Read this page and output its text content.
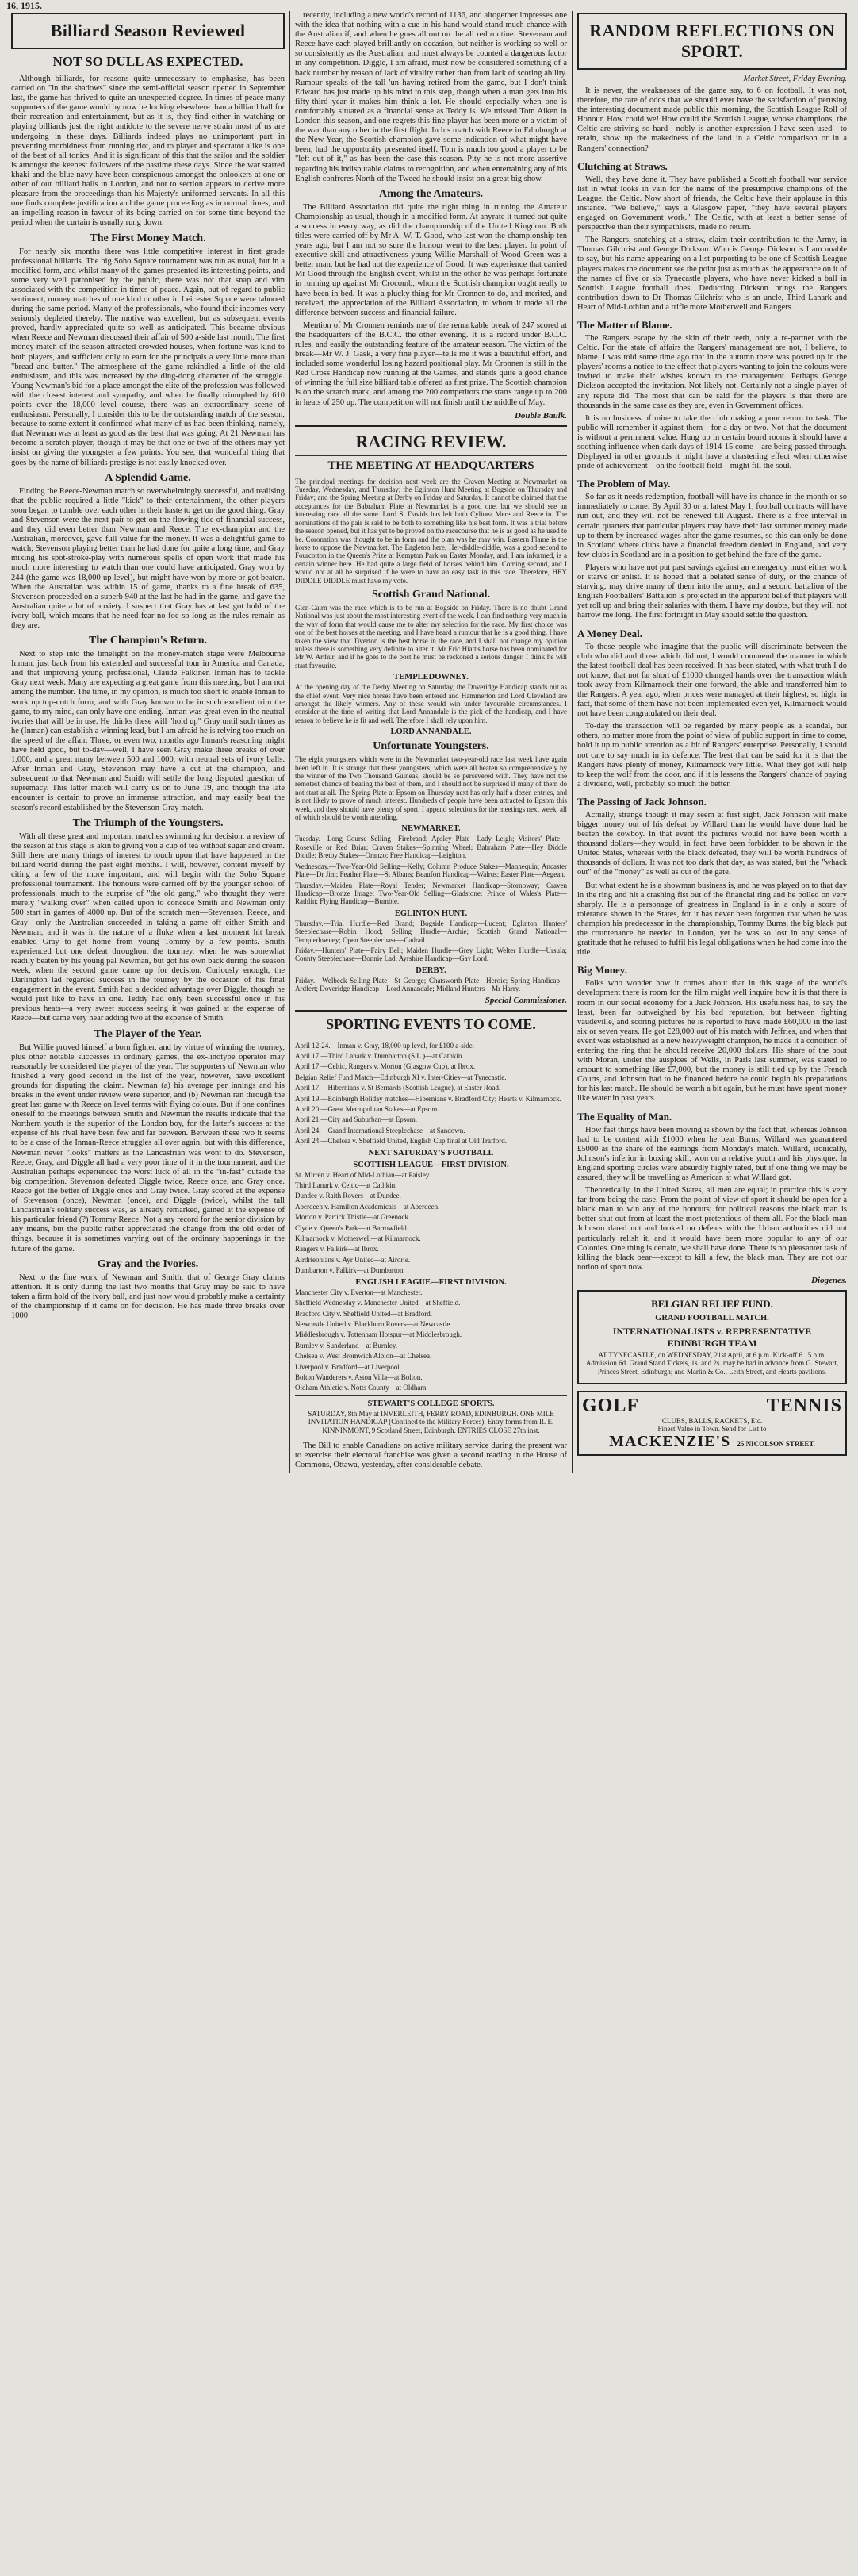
16, 1915.
Billiard Season Reviewed
NOT SO DULL AS EXPECTED.

Although billiards, for reasons quite unnecessary to emphasise, has been carried on "in the shadows" since the semi-official season opened in September last, the game has thrived to quite an unexpected degree. In times of peace many supporters of the game would by now be looking elsewhere than a billiard hall for their recreation and entertainment, but as it is, they find either in watching or playing billiards just the right antidote to the severe nerve strain most of us are undergoing in these days. Billiards indeed plays no unimportant part in preventing morbidness from running riot, and to player and spectator alike is one of the best of all tonics. And it is significant of this that the sailor and the soldier is amongst the keenest followers of the pastime these days. Since the war started khaki and the blue navy have been conspicuous amongst the onlookers at one or other of our billiard halls in London, and not to section appears to derive more pleasure from the proceedings than his Majesty's uniformed servants. In all this one finds complete justification and the game proceeding as in normal times, and an impelling reason in favour of its being carried on for some time beyond the period when the curtain is usually rung down.

The First Money Match.

For nearly six months there was little competitive interest in first grade professional billiards. The big Soho Square tournament was run as usual, but in a modified form, and whilst many of the games presented its interesting points, and some very well patronised by the public, there was not that snap and vim associated with the competition in times of peace. Again, out of regard to public sentiment, money matches of one kind or other in Leicester Square were tabooed during the same period. Many of the professionals, who found their incomes very seriously depleted thereby. The motive was excellent, but as subsequent events proved, hardly appreciated quite so well as anticipated. This became obvious when Reece and Newman discussed their affair of 500 a-side last month. The first money match of the season attracted crowded houses, when fortune was kind to both players, and sufficient only to earn for the principals a very little more than "bread and butter." The atmosphere of the game rekindled a little of the old enthusiasm, and this was increased by the ding-dong character of the struggle. Young Newman's bid for a place amongst the elite of the profession was followed with the closest interest and sympathy, and when he finally triumphed by 610 points over the 18,000 level course, there was an extraordinary scene of enthusiasm. Personally, I consider this to be the outstanding match of the season, because to some extent it confirmed what many of us had been thinking, namely, that Newman was at least as good as the best that was going. At 21 Newman has become a scratch player, though it may be that one or two of the others may yet insist on giving the youngster a few points. You see, that wonderful thing that goes by the name of billiards prestige is not easily knocked over.

A Splendid Game.

Finding the Reece-Newman match so overwhelmingly successful, and realising that the public required a little "kick" to their entertainment, the other players soon began to tumble over each other in their haste to get on the good thing. Gray and Stevenson were the next pair to get on the flowing tide of financial success, and they did even better than Newman and Reece. The ex-champion and the Australian, moreover, gave full value for the money. It was a delightful game to watch; Stevenson playing better than he had done for quite a long time, and Gray mixing his spot-stroke-play with numerous spells of open work that made his much more interesting to watch than one could have anticipated. Gray won by 244 (the game was 18,000 up level), but might have won by more or got beaten. When the Australian was within 15 of game, thanks to a fine break of 635, Stevenson proceeded on a superb 940 at the last he had in the game, and gave the Australian quite a lot of anxiety. I suspect that Gray has at last got hold of the ivory ball, which means that he need fear no foe so long as the rules remain as they are.

The Champion's Return.

Next to step into the limelight on the money-match stage were Melbourne Inman, just back from his extended and successful tour in America and Canada, and that improving young professional, Claude Falkiner. Inman has to tackle Gray next week. Many are expecting a great game from this meeting, but I am not among the number. The time, in my opinion, is much too short to enable Inman to work up top-notch form, and with Gray known to be in such excellent trim the game, to my mind, can only have one ending. Inman was great even in the neutral ivories that will be in use. He thinks these will "hold up" Gray until such times as he (Inman) can establish a winning lead, but I am afraid he is relying too much on the speed of the affair. Three, or even two, months ago Inman's reasoning might have held good, but to-day—well, I have seen Gray make three breaks of over 1,000, and a great many between 500 and 1000, with neutral sets of ivory balls. After Inman and Gray, Stevenson may have a cut at the champion, and subsequent to that Newman and Smith will settle the long disputed question of supremacy. This latter match will carry us on to June 19, and though the late encounter is certain to prove an immense attraction, and may easily beat the season's record established by the Stevenson-Gray match.

The Triumph of the Youngsters.

With all these great and important matches swimming for decision, a review of the season at this stage is akin to giving you a cup of tea without sugar and cream. Still there are many things of interest to touch upon that have happened in the billiard world during the past eight months. I will, however, content myself by citing a few of the more important, and will begin with the Soho Square professional tournament. The honours were carried off by the younger school of professionals, much to the surprise of "the old gang," who thought they were merely "walking over" when called upon to concede Smith and Newman only 500 start in games of 4000 up. But of the scratch men—Stevenson, Reece, and Gray—only the Australian succeeded in taking a game off either Smith and Newman, and it was in the nature of a fluke when a last moment hit break enabled Gray to get home from young Tommy by a few points. Smith experienced but one defeat throughout the tourney, when he was somewhat readily beaten by his young pal Newman, but got his own back during the season week, when the second game came up for decision. Curiously enough, the Darlington lad regarded success in the tourney by the occasion of his final engagement in the event. Smith had a decided advantage over Diggle, though he would just like to have in one. Teddy had only been successful once in his previous heats—a very sweet success seeing it was gained at the expense of Reece—but came very near adding two at the expense of Smith.

The Player of the Year.

But Willie proved himself a born fighter, and by virtue of winning the tourney, plus other notable successes in ordinary games, the ex-linotype operator may reasonably be considered the player of the year. The supporters of Newman who finished a very good second in the list of the year, however, have excellent grounds for disputing the claim. Newman (a) his average per innings and his breaks in the event under review were superior, and (b) Newman ran through the great last game with Reece on level terms with flying colours. But if one confines oneself to the meetings between Smith and Newman the results indicate that the Northern youth is the superior of the London boy, for the latter's success at the expense of his rival have been few and far between. Between these two it seems to be a case of the Inman-Reece struggles all over again, but with this difference, Newman never "looks" matters as the Lancastrian was wont to do. Stevenson, Reece, Gray, and Diggle all had a very poor time of it in the tournament, and the Australian perhaps experienced the worst luck of all in the "in-fast" outside the big competition. Stevenson defeated Diggle twice, Reece once, and Gray once. Reece got the better of Diggle once and Gray twice. Gray scored at the expense of Stevenson (once), Newman (once), and Diggle (twice), whilst the tall Lancastrian's solitary success was, as already remarked, gained at the expense of his particular friend (?) Tommy Reece. Not a say record for the senior division by any means, but the public rather appreciated the change from the old order of things, because it is sometimes varying out of the ordinary happenings in the future of the game.

Gray and the Ivories.

Next to the fine work of Newman and Smith, that of George Gray claims attention. It is only during the last two months that Gray may be said to have taken a firm hold of the ivory ball, and just now would probably make a certainty of the championship if it came on for decision. He has made three breaks over 1000

recently, including a new world's record of 1136, and altogether impresses one with the idea that nothing with a cue in his hand would stand much chance with the Australian if, and when he goes all out on the all red routine. Stevenson and Reece have each played brilliantly on occasion, but neither is working so well or so consistently as the Australian, and must always be counted a dangerous factor in any competition. Diggle, I am afraid, must now be considered something of a back number by reason of lack of vitality rather than from lack of scoring ability. Rumour speaks of the tall 'un having retired from the game, but I don't think Edward has just made up his mind to this step, though when a man gets into his fifty-third year it makes him think a lot. He should especially when one is comfortably situated as a financial sense as Teddy is. We missed Tom Aiken in London this season, and one regrets this fine player has been more or a victim of the war than any other in the first flight. In his match with Reece in Edinburgh at the New Year, the Scottish champion gave some indication of what might have been, had the opportunity presented itself. Tom is much too good a player to be "left out of it," as has been the case this season. Pity he is not more assertive regarding his indisputable claims to recognition, and when entertaining any of his English confreres North of the Tweed he should insist on a great big show.

Among the Amateurs.

The Billiard Association did quite the right thing in running the Amateur Championship as usual, though in a modified form. At anyrate it turned out quite a success in every way, as did the championship of the United Kingdom. Both titles were carried off by Mr A. W. T. Good, who last won the championship ten years ago, but I am not so sure the honour went to the best player. In point of executive skill and attractiveness young Willie Marshall of Wood Green was a better man, but he had not the experience of Good. It was experience that carried Mr Good through the English event, whilst in the other he was perhaps fortunate in running up against Mr Crocomb, whom the Scottish champion ought really to have been in bed. It was a plucky thing for Mr Cronnen to do, and merited, and received, the appreciation of the Billiard Association, to whom it made all the difference between success and financial failure.

Mention of Mr Cronnen reminds me of the remarkable break of 247 scored at the headquarters of the B.C.C. the other evening. It is a record under B.C.C. rules, and easily the outstanding feature of the amateur season. The victim of the break—Mr W. J. Gask, a very fine player—tells me it was a beautiful effort, and included some wonderful losing hazard positional play. Mr Cronnen is still in the Red Cross Handicap now running at the Games, and stands quite a good chance of winning the full size billiard table offered as first prize. The Scottish champion is on the scratch mark, and among the 200 competitors the starts range up to 200 in heats of 250 up. The competition will not finish until the middle of May.

Double Baulk.
RACING REVIEW.
THE MEETING AT HEADQUARTERS

The principal meetings for decision next week are the Craven Meeting at Newmarket on Tuesday, Wednesday, and Thursday; the Eglinton Hunt Meeting at Bogside on Thursday and Friday; and the Spring Meeting at Derby on Friday and Saturday. It cannot be claimed that the acceptances for the Babraham Plate at Newmarket is a good one, but we should see an interesting race all the same. Lord St Davids has left both Cylinea Mere and Reece in. The nominations of the pair is said to be both to something like his best form. It was a trial before the season opened, but it has yet to be proved on the racecourse that he is as good as he used to be. Coronation was thought to be in form and the plan was he may win. Eastern Flame is the horse to oppose the Newmarket. The Eagleton here, Her-diddle-diddle, was a good second to Fourcotton in the Queen's Prize at Kempton Park on Easter Monday, and, I am informed, is a certain winner here. He had quite a large field of horses behind him. Coming second, and I would not at all be surprised if he were to have an easy task in this race. Therefore, HEY DIDDLE DIDDLE must have my vote.

Scottish Grand National.

Glen-Cairn was the race which is to be run at Bogside on Friday. There is no doubt Grand National was just about the most interesting event of the week. I can find nothing very much in the way of form that would cause me to alter my selection for the race. My first choice was one of the best horses at the meeting, and I have heard a rumour that he is a good thing. I have taken the view that Tiverton is the best horse in the race, and I shall not change my opinion unless there is something very definite to alter it. Mr Eric Hiatt's horse has been nominated for Mr W. Arthur, and if he goes to the post he must be reckoned a serious danger. I think he will start favourite.

TEMPLEDOWNEY.

At the opening day of the Derby Meeting on Saturday, the Doveridge Handicap stands out as the chief event. Very nice horses have been entered and Hammerton and Lord Cleveland are amongst the likely winners. Any of these would win under favourable circumstances. I consider at the time of writing that Lord Annandale is the pick of the handicap, and I have reason to believe he is fit and well. Therefore I shall rely upon him.

LORD ANNANDALE.
Unfortunate Youngsters.

The eight youngsters which were in the Newmarket two-year-old race last week have again been left in. It is strange that these youngsters, which were all beaten so comprehensively by the winner of the Two Thousand Guineas, should be so persevered with. They have not the remotest chance of beating the best of them, and I should not be surprised if many of them do not start at all. The Spring Plate at Epsom on Thursday next has only half a dozen entries, and is not likely to prove of much interest. Hundreds of people have been attracted to Epsom this week, and they should have plenty of sport. I append selections for the meetings next week, all of which should be worth attending.

NEWMARKET.

Tuesday.—Long Course Selling—Firebrand; Apsley Plate—Lady Leigh; Visitors' Plate—Roseville or Red Briar; Craven Stakes—Spinning Wheel; Babraham Plate—Hey Diddle Diddle; Bretby Stakes—Oranzo; Free Handicap—Leighton.

Wednesday.—Two-Year-Old Selling—Kelly; Column Produce Stakes—Mannequin; Ancaster Plate—Dr Jim; Feather Plate—St Albans; Beaufort Handicap—Walrus; Easter Plate—Aegean.

Thursday.—Maiden Plate—Royal Tender; Newmarket Handicap—Stornoway; Craven Handicap—Bronze Image; Two-Year-Old Selling—Gladstone; Prince of Wales's Plate—Rathlin; Flying Handicap—Bumble.

EGLINTON HUNT.

Thursday.—Trial Hurdle—Red Brand; Bogside Handicap—Lucent; Eglinton Hunters' Steeplechase—Robin Hood; Selling Hurdle—Archie; Scottish Grand National—Templedowney; Open Steeplechase—Cadrail.

Friday.—Hunters' Plate—Fairy Bell; Maiden Hurdle—Grey Light; Welter Hurdle—Ursula; County Steeplechase—Bonnie Lad; Ayrshire Handicap—Gay Lord.

DERBY.

Friday.—Welbeck Selling Plate—St George; Chatsworth Plate—Heroic; Spring Handicap—Ardfert; Doveridge Handicap—Lord Annandale; Midland Hunters—Mr Harry.

Special Commissioner.
SPORTING EVENTS TO COME.

April 12-24.—Inman v. Gray, 18,000 up level, for £100 a-side.

April 17.—Third Lanark v. Dumbarton (S.L.)—at Cathkin.

April 17.—Celtic, Rangers v. Morton (Glasgow Cup), at Ibrox.

Belgian Relief Fund Match—Edinburgh XI v. Inter-Cities—at Tynecastle.

April 17.—Hibernians v. St Bernards (Scottish League), at Easter Road.

April 19.—Edinburgh Holiday matches—Hibernians v. Bradford City; Hearts v. Kilmarnock.

April 20.—Great Metropolitan Stakes—at Epsom.

April 21.—City and Suburban—at Epsom.

April 24.—Grand International Steeplechase—at Sandown.

April 24.—Chelsea v. Sheffield United, English Cup final at Old Trafford.

NEXT SATURDAY'S FOOTBALL
SCOTTISH LEAGUE—FIRST DIVISION.

St. Mirren v. Heart of Mid-Lothian—at Paisley.

Third Lanark v. Celtic—at Cathkin.

Dundee v. Raith Rovers—at Dundee.

Aberdeen v. Hamilton Academicals—at Aberdeen.

Morton v. Partick Thistle—at Greenock.

Clyde v. Queen's Park—at Barrowfield.

Kilmarnock v. Motherwell—at Kilmarnock.

Rangers v. Falkirk—at Ibrox.

Airdrieonians v. Ayr United—at Airdrie.

Dumbarton v. Falkirk—at Dumbarton.

ENGLISH LEAGUE—FIRST DIVISION.

Manchester City v. Everton—at Manchester.

Sheffield Wednesday v. Manchester United—at Sheffield.

Bradford City v. Sheffield United—at Bradford.

Newcastle United v. Blackburn Rovers—at Newcastle.

Middlesbrough v. Tottenham Hotspur—at Middlesbrough.

Burnley v. Sunderland—at Burnley.

Chelsea v. West Bromwich Albion—at Chelsea.

Liverpool v. Bradford—at Liverpool.

Bolton Wanderers v. Aston Villa—at Bolton.

Oldham Athletic v. Notts County—at Oldham.

STEWART'S COLLEGE SPORTS.

SATURDAY, 8th May at INVERLEITH, FERRY ROAD, EDINBURGH. ONE MILE INVITATION HANDICAP (Confined to the Military Forces). Entry forms from R. E. KINNINMONT, 9 Scotland Street, Edinburgh. ENTRIES CLOSE 27th inst.

The Bill to enable Canadians on active military service during the present war to exercise their electoral franchise was given a second reading in the House of Commons, Ottawa, yesterday, after considerable debate.

RANDOM REFLECTIONS ON SPORT.
Market Street, Friday Evening.

It is never, the weaknesses of the game say, to 6 on football. It was not, therefore, the rate of odds that we should ever have the satisfaction of perusing the interesting document made public this morning, the Scottish League Roll of Honour. How could we! How could the Scottish League, whose champions, the Celtic are striving so hard—nobly is another expression I have seen used—to retain, show up the makedness of the land in a Celtic comparison or in a Rangers' connection?

Clutching at Straws.

Well, they have done it. They have published a Scottish football war service list in what looks in vain for the name of the presumptive champions of the League, the Celtic. Now short of friends, the Celtic have their applause in this instance. "We believe," says a Glasgow paper, "they have several players engaged on Government work." The Celtic, with at least a better sense of perspective than their sympathisers, made no return.

The Rangers, snatching at a straw, claim their contribution to the Army, in Thomas Gilchrist and George Dickson. Who is George Dickson is I am unable to say, but his name appearing on a list purporting to be one of Scottish League players makes the document see the point just as much as the appearance on it of the names of five or six Tynecastle players, who have never kicked a ball in Scottish League football does. Deducting Dickson brings the Rangers contribution down to Dr Thomas Gilchrist who is an uncle, Third Lanark and Heart of Mid-Lothian and a trifle more Motherwell and Rangers.

The Matter of Blame.

The Rangers escape by the skin of their teeth, only a re-partner with the Celtic. For the state of affairs the Rangers' management are not, I believe, to blame. I was told some time ago that in the autumn there was posted up in the players' rooms a notice to the effect that players wanting to join the colours were invited to make their wishes known to the management. Perhaps George Dickson accepted the invitation. Not likely not. Certainly not a single player of any repute did. The most that can be said for the players is that there are thousands in the same case as they are, even in Government offices.

It is no business of mine to take the club making a poor return to task. The public will remember it against them—for a day or two. Not that the document is without a permanent value. Hung up in certain board rooms it should have a soothing influence when dark days of 1914-15 come—are being passed through. Displayed in other grounds it might have a chastening effect when otherwise pride of achievement—on the football field—might fill the soul.

The Problem of May.

So far as it needs redemption, football will have its chance in the month or so immediately to come. By April 30 or at latest May 1, football contracts will have run out, and they will not be renewed till August. There is a free interval in certain quarters that particular players may have their last summer money made up to them by increased wages after the game resumes, so this can only be done in Scotland where clubs have a financial freedom denied in England, and very few clubs in Scotland are in a position to get behind the fare of the game.

Players who have not put past savings against an emergency must either work or starve or enlist. It is hoped that a belated sense of duty, or the chance of starving, may drive many of them into the army, and a second battalion of the English Footballers' Battalion is projected in the apparent belief that players will yet roll up and bring their salaries with them. I have my doubts, but they will not harrow me long. The first fortnight in May should settle the question.

A Money Deal.

To those people who imagine that the public will discriminate between the club who did and those which did not, I would commend the manner in which the latest football deal has been received. It has been stated, with what truth I do not know, that not far short of £1000 changed hands over the transaction which took away from Kilmarnock their one forward, the able and transferred him to the Rangers. A year ago, when prices were managed at their highest, so high, in fact, that some of them have not been implemented even yet, Kilmarnock would not have been congratulated on their deal.

To-day the transaction will be regarded by many people as a scandal, but others, no matter more from the point of view of public support in time to come, hold it up to public attention as a bit of Rangers' enterprise. Personally, I should not care to say much in its defence. The best that can be said for it is that the Rangers have plenty of money, Kilmarnock very little. What they got will help to keep the wolf from the door, and if it is lessens the Rangers' chance of paying a dividend, well, probably, so much the better.

The Passing of Jack Johnson.

Actually, strange though it may seem at first sight, Jack Johnson will make bigger money out of his defeat by Willard than he would have done had he beaten the cowboy. In that event the pictures would not have been worth a thousand dollars—they would, in fact, have been forbidden to be shown in the United States, whereas with the black defeated, they will be worth hundreds of thousands of dollars. It was not too dark that day, as was stated, but the "whack out" of the "money" as well as out of the gate.

But what extent he is a showman business is, and he was played on to that day in the ring and hit a crashing fist out of the financial ring and he polled on very sharply. He is a personage of greatness in England is in a only a score of tolerance shown in the States, for it has never been forgotten that when he was champion his predecessor in the championship, Tommy Burns, the big black put the countenance he needed in London, yet he was so lost in any sense of gratitude that he refused to fulfil his legal obligations when he had come into the title.

Big Money.

Folks who wonder how it comes about that in this stage of the world's development there is room for the film might well inquire how it is that there is room in our social economy for a Jack Johnson. His usefulness has, to say the least, been far outweighed by his bad reputation, but between fighting vaudeville, and scoring pictures he is reported to have made £60,000 in the last six or seven years. He got £28,000 out of his match with Jeffries, and when that event was established as a new heavyweight champion, he made it a condition of entering the ring that he should receive 20,000 dollars. His share of the bout with Moran, under the auspices of Wells, in Paris last summer, was stated to amount to something like £7,000, but the money is still tied up by the French Courts, and Johnson had to be financed before he could begin his preparations for his last match. He should be worth a bit again, but he must have spent money like water in past years.

The Equality of Man.

How fast things have been moving is shown by the fact that, whereas Johnson had to be content with £1000 when he beat Burns, Willard was guaranteed £5000 as the share of the earnings from Monday's match. Willard, ironically, Johnson's inferior in boxing skill, won on a relative youth and his physique. In England sporting circles were absurdly highly rated, but if one thing we may be assured, they will be travelling as American at what Willard got.

Theoretically, in the United States, all men are equal; in practice this is very far from being the case. From the point of view of sport it should be open for a black man to win any of the honours; for political reasons the black man is better shut out from at least the most pretentious of them all. For the black man Johnson dared not and looked on defeats with the Urban authorities did not particularly relish it, and it would have been more popular to any of our Colonies. One thing is certain, we shall have done. There is no pleasanter task of killing the black bear—except to kill a few, the black man. They are not our notion of sport now.

Diogenes.
BELGIAN RELIEF FUND.
GRAND FOOTBALL MATCH.
INTERNATIONALISTS v. REPRESENTATIVE EDINBURGH TEAM

AT TYNECASTLE, on WEDNESDAY, 21st April, at 6 p.m. Kick-off 6.15 p.m. Admission 6d. Grand Stand Tickets, 1s. and 2s. may be had in advance from G. Stewart, Princes Street, Edinburgh; and Marlin & Co., Leith Street, and Hearts pavilions.

GOLF	TENNIS
CLUBS, BALLS, RACKETS, Etc.
Finest Value in Town. Send for List to
MACKENZIE'S 25 NICOLSON STREET.
